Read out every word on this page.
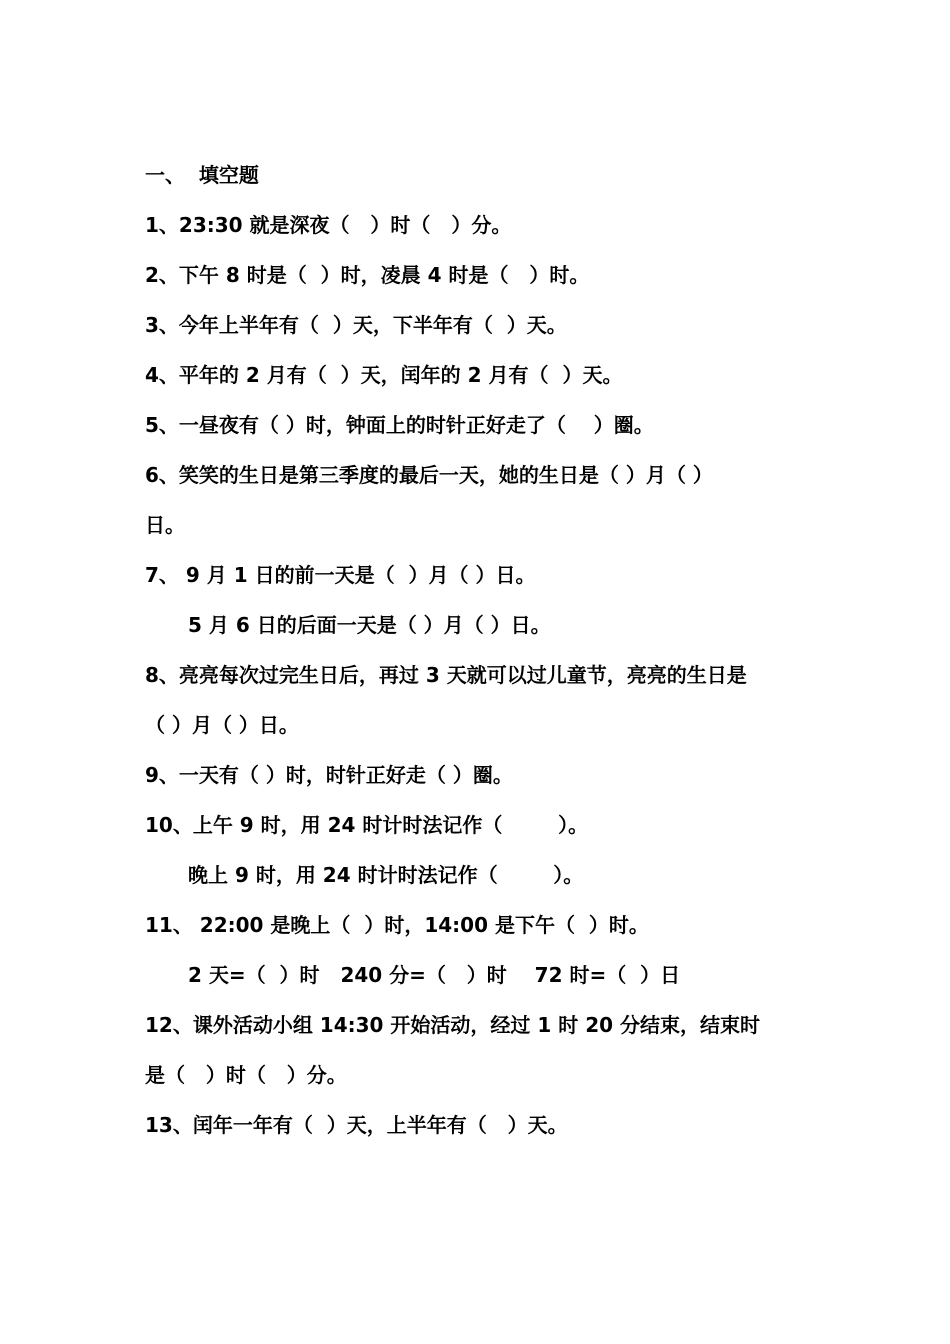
一、  填空题
1、23:30 就是深夜（   ）时（   ）分。
2、下午 8 时是（  ）时，凌晨 4 时是（   ）时。
3、今年上半年有（  ）天，下半年有（  ）天。
4、平年的 2 月有（  ）天，闰年的 2 月有（  ）天。
5、一昼夜有（ ）时，钟面上的时针正好走了（    ）圈。
6、笑笑的生日是第三季度的最后一天，她的生日是（ ）月（ ）
日。
7、 9 月 1 日的前一天是（  ）月（ ）日。
5 月 6 日的后面一天是（ ）月（ ）日。
8、亮亮每次过完生日后，再过 3 天就可以过儿童节，亮亮的生日是
（ ）月（ ）日。
9、一天有（ ）时，时针正好走（ ）圈。
10、上午 9 时，用 24 时计时法记作（        ）。
晚上 9 时，用 24 时计时法记作（        ）。
11、 22:00 是晚上（  ）时，14:00 是下午（  ）时。
2 天=（  ）时   240 分=（   ）时    72 时=（  ）日
12、课外活动小组 14:30 开始活动，经过 1 时 20 分结束，结束时
是（   ）时（   ）分。
13、闰年一年有（  ）天，上半年有（   ）天。
